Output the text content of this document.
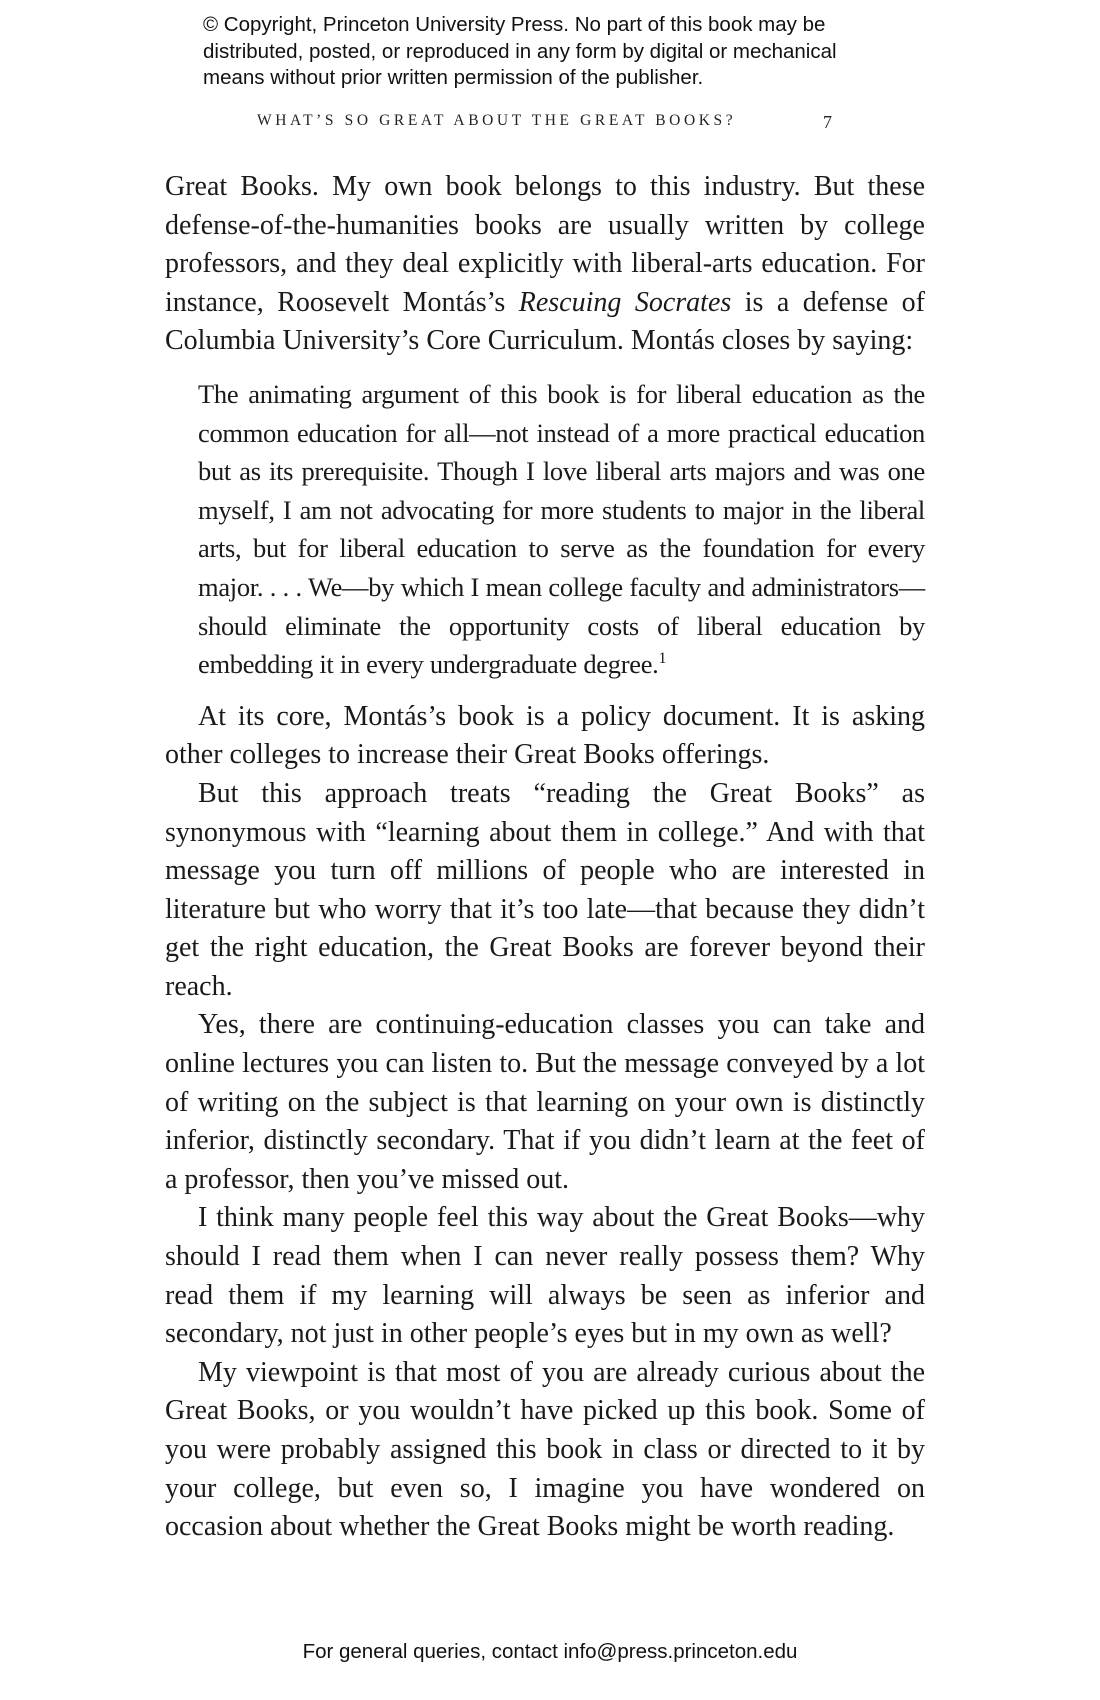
© Copyright, Princeton University Press. No part of this book may be
distributed, posted, or reproduced in any form by digital or mechanical
means without prior written permission of the publisher.
WHAT’S SO GREAT ABOUT THE GREAT BOOKS?	7

Great Books. My own book belongs to this industry. But these defense-of-the-humanities books are usually written by college professors, and they deal explicitly with liberal-arts education. For instance, Roosevelt Montás’s Rescuing Socrates is a defense of Columbia University’s Core Curriculum. Montás closes by saying:

The animating argument of this book is for liberal education as the common education for all—not instead of a more practical education but as its prerequisite. Though I love liberal arts majors and was one myself, I am not advocating for more students to major in the liberal arts, but for liberal education to serve as the foundation for every major. . . . We—by which I mean college faculty and administrators—should eliminate the opportunity costs of liberal education by embedding it in every undergraduate degree.$^1$

At its core, Montás’s book is a policy document. It is asking other colleges to increase their Great Books offerings.

But this approach treats “reading the Great Books” as synonymous with “learning about them in college.” And with that message you turn off millions of people who are interested in literature but who worry that it’s too late—that because they didn’t get the right education, the Great Books are forever beyond their reach.

Yes, there are continuing-education classes you can take and online lectures you can listen to. But the message conveyed by a lot of writing on the subject is that learning on your own is distinctly inferior, distinctly secondary. That if you didn’t learn at the feet of a professor, then you’ve missed out.

I think many people feel this way about the Great Books—why should I read them when I can never really possess them? Why read them if my learning will always be seen as inferior and secondary, not just in other people’s eyes but in my own as well?

My viewpoint is that most of you are already curious about the Great Books, or you wouldn’t have picked up this book. Some of you were probably assigned this book in class or directed to it by your college, but even so, I imagine you have wondered on occasion about whether the Great Books might be worth reading.

For general queries, contact info@press.princeton.edu
